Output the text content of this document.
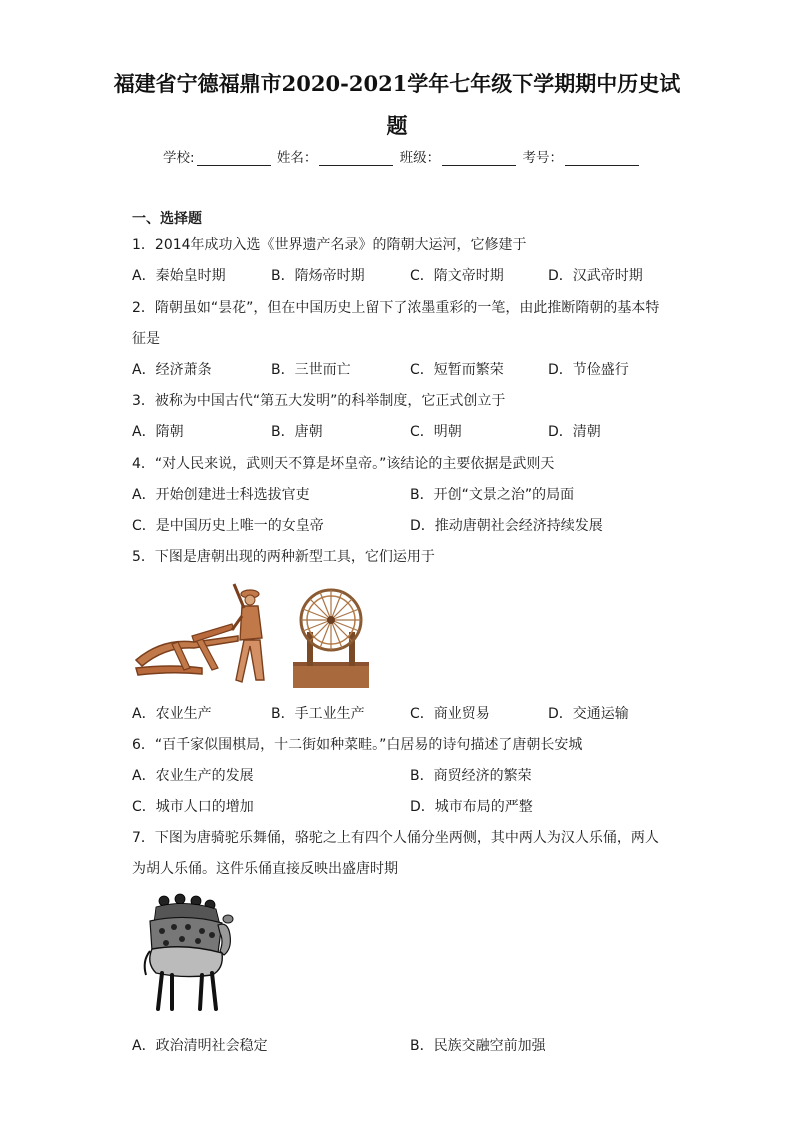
福建省宁德福鼎市2020-2021学年七年级下学期期中历史试
题
学校:	姓名：	班级：	考号：
一、选择题
1．2014年成功入选《世界遗产名录》的隋朝大运河，它修建于
A．秦始皇时期	B．隋炀帝时期	C．隋文帝时期	D．汉武帝时期
2．隋朝虽如“昙花”，但在中国历史上留下了浓墨重彩的一笔，由此推断隋朝的基本特
征是
A．经济萧条	B．三世而亡	C．短暂而繁荣	D．节俭盛行
3．被称为中国古代“第五大发明”的科举制度，它正式创立于
A．隋朝	B．唐朝	C．明朝	D．清朝
4．“对人民来说，武则天不算是坏皇帝。”该结论的主要依据是武则天
A．开始创建进士科选拔官吏	B．开创“文景之治”的局面
C．是中国历史上唯一的女皇帝	D．推动唐朝社会经济持续发展
5．下图是唐朝出现的两种新型工具，它们运用于
A．农业生产	B．手工业生产	C．商业贸易	D．交通运输
6．“百千家似围棋局，十二街如种菜畦。”白居易的诗句描述了唐朝长安城
A．农业生产的发展	B．商贸经济的繁荣
C．城市人口的增加	D．城市布局的严整
7．下图为唐骑驼乐舞俑，骆驼之上有四个人俑分坐两侧，其中两人为汉人乐俑，两人
为胡人乐俑。这件乐俑直接反映出盛唐时期
A．政治清明社会稳定	B．民族交融空前加强
